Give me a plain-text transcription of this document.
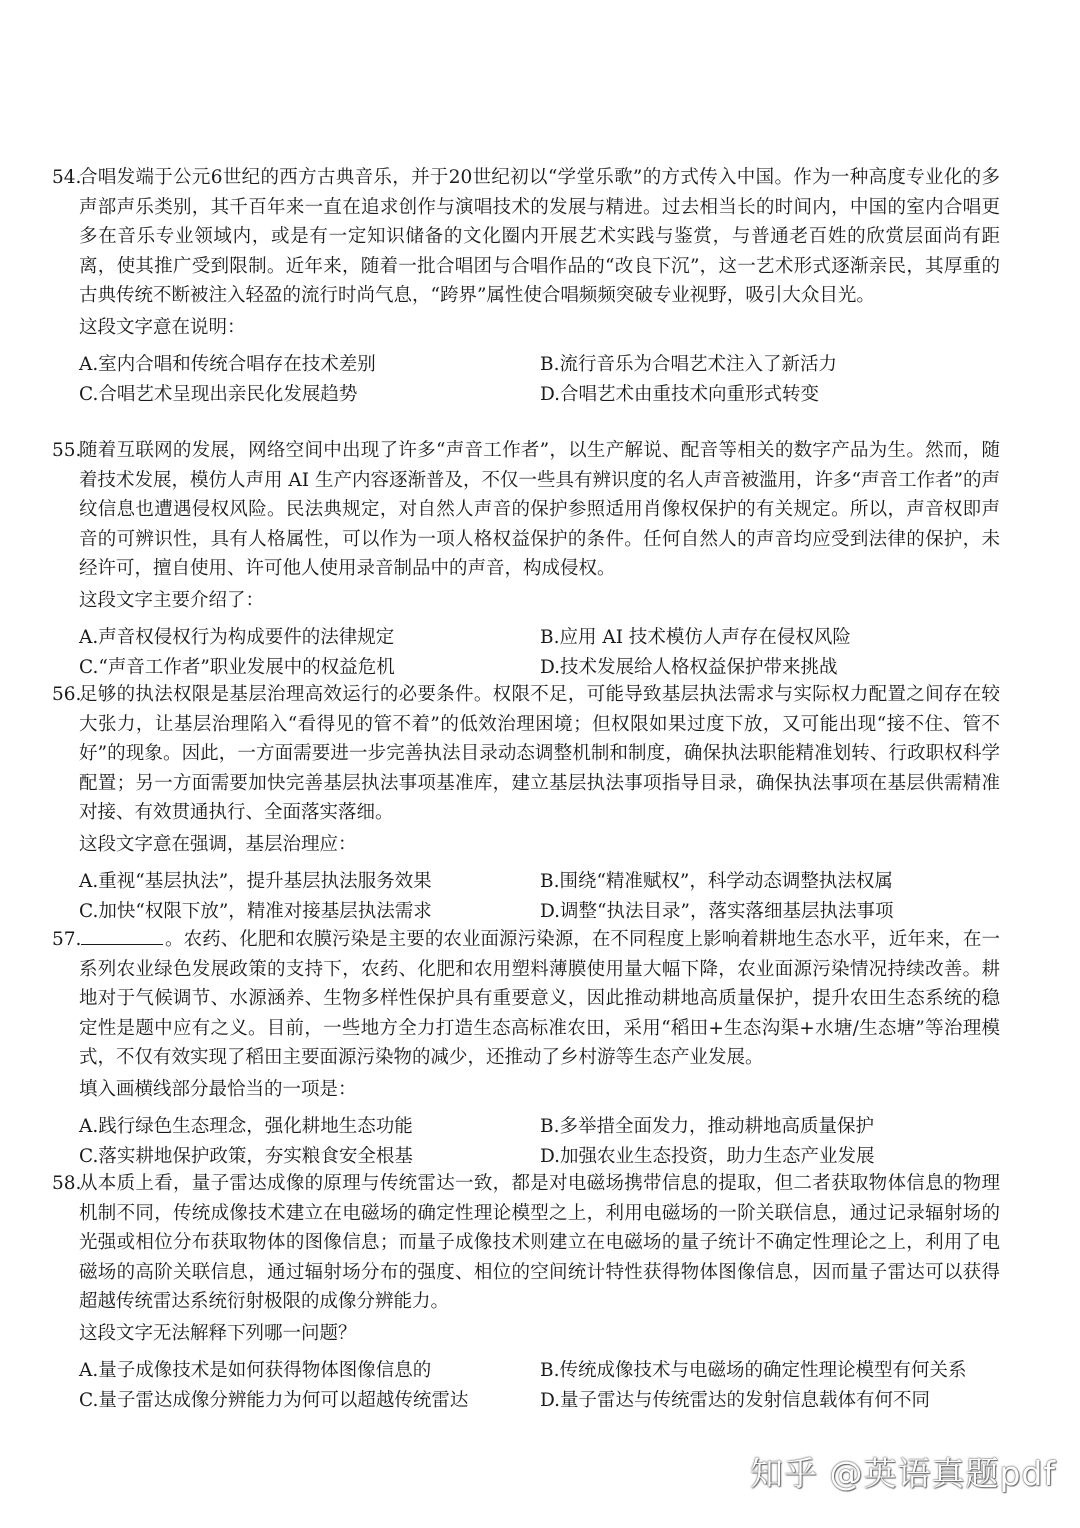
54.
合唱发端于公元6世纪的西方古典音乐，并于20世纪初以“学堂乐歌”的方式传入中国。作为一种高度专业化的多声部声乐类别，其千百年来一直在追求创作与演唱技术的发展与精进。过去相当长的时间内，中国的室内合唱更多在音乐专业领域内，或是有一定知识储备的文化圈内开展艺术实践与鉴赏，与普通老百姓的欣赏层面尚有距离，使其推广受到限制。近年来，随着一批合唱团与合唱作品的“改良下沉”，这一艺术形式逐渐亲民，其厚重的古典传统不断被注入轻盈的流行时尚气息，“跨界”属性使合唱频频突破专业视野，吸引大众目光。
这段文字意在说明：
A.室内合唱和传统合唱存在技术差别	B.流行音乐为合唱艺术注入了新活力
C.合唱艺术呈现出亲民化发展趋势	D.合唱艺术由重技术向重形式转变
55.
随着互联网的发展，网络空间中出现了许多“声音工作者”，以生产解说、配音等相关的数字产品为生。然而，随着技术发展，模仿人声用 AI 生产内容逐渐普及，不仅一些具有辨识度的名人声音被滥用，许多“声音工作者”的声纹信息也遭遇侵权风险。民法典规定，对自然人声音的保护参照适用肖像权保护的有关规定。所以，声音权即声音的可辨识性，具有人格属性，可以作为一项人格权益保护的条件。任何自然人的声音均应受到法律的保护，未经许可，擅自使用、许可他人使用录音制品中的声音，构成侵权。
这段文字主要介绍了：
A.声音权侵权行为构成要件的法律规定	B.应用 AI 技术模仿人声存在侵权风险
C.“声音工作者”职业发展中的权益危机	D.技术发展给人格权益保护带来挑战
56.
足够的执法权限是基层治理高效运行的必要条件。权限不足，可能导致基层执法需求与实际权力配置之间存在较大张力，让基层治理陷入“看得见的管不着”的低效治理困境；但权限如果过度下放，又可能出现“接不住、管不好”的现象。因此，一方面需要进一步完善执法目录动态调整机制和制度，确保执法职能精准划转、行政职权科学配置；另一方面需要加快完善基层执法事项基准库，建立基层执法事项指导目录，确保执法事项在基层供需精准对接、有效贯通执行、全面落实落细。
这段文字意在强调，基层治理应：
A.重视“基层执法”，提升基层执法服务效果	B.围绕“精准赋权”，科学动态调整执法权属
C.加快“权限下放”，精准对接基层执法需求	D.调整“执法目录”，落实落细基层执法事项
57.	。农药、化肥和农膜污染是主要的农业面源污染源，在不同程度上影响着耕地生态水平，近年来，在一系列农业绿色发展政策的支持下，农药、化肥和农用塑料薄膜使用量大幅下降，农业面源污染情况持续改善。耕地对于气候调节、水源涵养、生物多样性保护具有重要意义，因此推动耕地高质量保护，提升农田生态系统的稳定性是题中应有之义。目前，一些地方全力打造生态高标准农田，采用“稻田+生态沟渠+水塘/生态塘”等治理模式，不仅有效实现了稻田主要面源污染物的减少，还推动了乡村游等生态产业发展。
填入画横线部分最恰当的一项是：
A.践行绿色生态理念，强化耕地生态功能	B.多举措全面发力，推动耕地高质量保护
C.落实耕地保护政策，夯实粮食安全根基	D.加强农业生态投资，助力生态产业发展
58.
从本质上看，量子雷达成像的原理与传统雷达一致，都是对电磁场携带信息的提取，但二者获取物体信息的物理机制不同，传统成像技术建立在电磁场的确定性理论模型之上，利用电磁场的一阶关联信息，通过记录辐射场的光强或相位分布获取物体的图像信息；而量子成像技术则建立在电磁场的量子统计不确定性理论之上，利用了电磁场的高阶关联信息，通过辐射场分布的强度、相位的空间统计特性获得物体图像信息，因而量子雷达可以获得超越传统雷达系统衍射极限的成像分辨能力。
这段文字无法解释下列哪一问题？
A.量子成像技术是如何获得物体图像信息的	B.传统成像技术与电磁场的确定性理论模型有何关系
C.量子雷达成像分辨能力为何可以超越传统雷达	D.量子雷达与传统雷达的发射信息载体有何不同
知乎 @英语真题pdf
